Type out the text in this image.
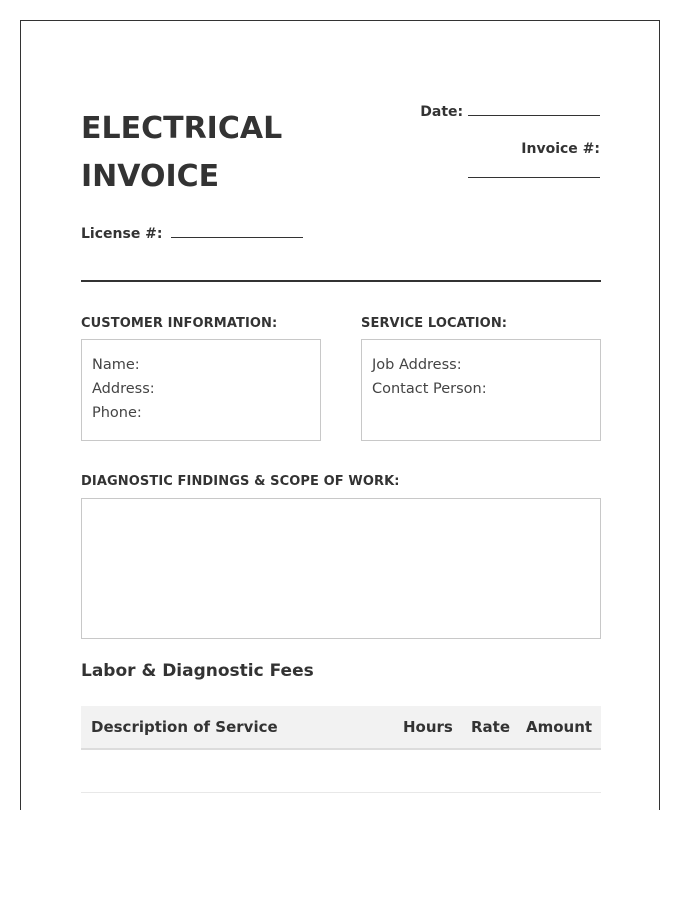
ELECTRICAL
INVOICE
Date:
Invoice #:
License #:
CUSTOMER INFORMATION:
Name:
Address:
Phone:
SERVICE LOCATION:
Job Address:
Contact Person:
DIAGNOSTIC FINDINGS & SCOPE OF WORK:
Labor & Diagnostic Fees
Description of Service	Hours Rate Amount
